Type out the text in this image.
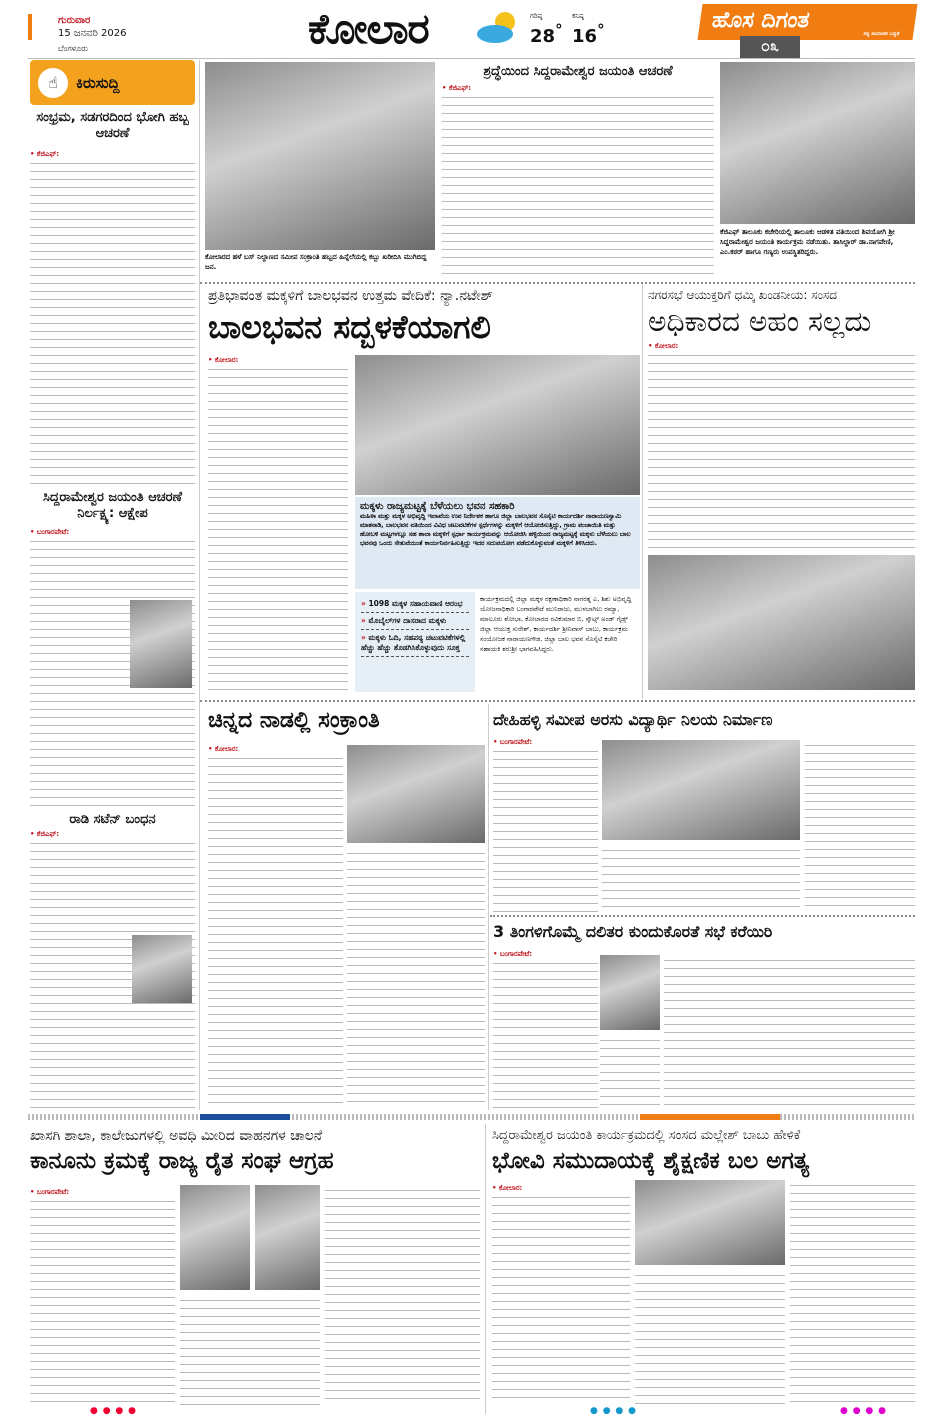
ಗುರುವಾರ
15 ಜನವರಿ 2026
ಬೆಂಗಳೂರು	ಕೋಲಾರ	ಗರಿಷ್ಠ
28°
ಕನಿಷ್ಠ
16°	ಹೊಸ ದಿಗಂತ
ಸತ್ಯ ಸಾಮಾಜಿಕ ಬದ್ಧತೆ
೦೩
☝	ಕಿರುಸುದ್ದಿ
ಸಂಭ್ರಮ, ಸಡಗರದಿಂದ ಭೋಗಿ ಹಬ್ಬ ಆಚರಣೆ
• ಕೆಜಿಎಫ್:
ಸಿದ್ದರಾಮೇಶ್ವರ ಜಯಂತಿ ಆಚರಣೆ ನಿರ್ಲಕ್ಷ್ಯ: ಆಕ್ಷೇಪ
• ಬಂಗಾರಪೇಟೆ:
ರಾಡಿ ಸಟೆನ್ ಬಂಧನ
• ಕೆಜಿಎಫ್:
ಕೋಲಾರದ ಹಳೆ ಬಸ್ ನಿಲ್ದಾಣದ ಸಮೀಪ ಸಂಕ್ರಾಂತಿ ಹಬ್ಬದ ಹಿನ್ನೆಲೆಯಲ್ಲಿ ಕಬ್ಬು ಖರೀದಿಸಿ ಮುಗಿಬಿದ್ದ ಜನ.
ಶ್ರದ್ಧೆಯಿಂದ ಸಿದ್ದರಾಮೇಶ್ವರ ಜಯಂತಿ ಆಚರಣೆ
• ಕೆಜಿಎಫ್:
ಕೆಜಿಎಫ್ ತಾಲೂಕು ಕಚೇರಿಯಲ್ಲಿ ತಾಲೂಕು ಆಡಳಿತ ವತಿಯಿಂದ ಶಿವಯೋಗಿ ಶ್ರೀ ಸಿದ್ದರಾಮೇಶ್ವರ ಜಯಂತಿ ಕಾರ್ಯಕ್ರಮ ನಡೆಯಿತು. ತಾಸಿಲ್ದಾರ್ ಡಾ.ನಾಗವೇಣಿ, ಎಂ.ಕಠರ್ ಹಾಗೂ ಗಣ್ಯರು ಉಪಸ್ಥಿತರಿದ್ದರು.
ಪ್ರತಿಭಾವಂತ ಮಕ್ಕಳಿಗೆ ಬಾಲಭವನ ಉತ್ತಮ ವೇದಿಕೆ: ನ್ಯಾ.ನಟೇಶ್
ಬಾಲಭವನ ಸದ್ಬಳಕೆಯಾಗಲಿ
• ಕೋಲಾರ:
ಮಕ್ಕಳು ರಾಜ್ಯಮಟ್ಟಕ್ಕೆ ಬೆಳೆಯಲು ಭವನ ಸಹಕಾರಿ
ಮಹಿಳಾ ಮತ್ತು ಮಕ್ಕಳ ಅಭಿವೃದ್ಧಿ ಇಲಾಖೆಯ ಉಪ ನಿರ್ದೇಶಕ ಹಾಗೂ ಜಿಲ್ಲಾ ಬಾಲಭವನ ಸೊಸೈಟಿ ಕಾರ್ಯದರ್ಶಿ ನಾರಾಯಣಸ್ವಾಮಿ ಮಾತನಾಡಿ, ಬಾಲಭವನ ವತಿಯಿಂದ ವಿವಿಧ ಚಟುವಟಿಕೆಗಳ ಸ್ಪರ್ಧೆಗಳನ್ನು ಮಕ್ಕಳಿಗೆ ಆಯೋಜಿಸುತ್ತಿದ್ದು, ಗ್ರಾಮ ಪಂಚಾಯಿತಿ ಮತ್ತು ಹೋಬಳಿ ಮಟ್ಟಗಳಲ್ಲೂ ಸಹ ಶಾಲಾ ಮಕ್ಕಳಿಗೆ ಸ್ಪರ್ಧಾ ಕಾರ್ಯಕ್ರಮವನ್ನು ಆಯೋಜಿಸಿ ಹಳ್ಳಿಯಿಂದ ರಾಜ್ಯಮಟ್ಟಕ್ಕೆ ಮಕ್ಕಳು ಬೆಳೆಯಲು ಬಾಲ ಭವನವು ಒಂದು ಸೇತುವೆಯಂತೆ ಕಾರ್ಯನಿರ್ವಹಿಸುತ್ತಿದ್ದು ಇದರ ಸದುಪಯೋಗ ಪಡೆದುಕೊಳ್ಳುವಂತೆ ಮಕ್ಕಳಿಗೆ ತಿಳಿಸಿದರು.
» 1098 ಮಕ್ಕಳ ಸಹಾಯವಾಣಿ ಆರಂಭ
» ಮೊಬೈಲ್‌ಗಳ ದಾಸರಾದ ಮಕ್ಕಳು
» ಮಕ್ಕಳು ಓದಿ, ಸಹಪಠ್ಯ ಚಟುವಟಿಕೆಗಳಲ್ಲಿ ಹೆಚ್ಚು ಹೆಚ್ಚು ತೊಡಗಿಸಿಕೊಳ್ಳುವುದು ಸೂಕ್ತ
ಕಾರ್ಯಕ್ರಮದಲ್ಲಿ ಜಿಲ್ಲಾ ಮಕ್ಕಳ ರಕ್ಷಣಾಧಿಕಾರಿ ನಾಗರತ್ನ ಎ, ಶಿಶು ಅಭಿವೃದ್ಧಿ ಯೋಜನಾಧಿಕಾರಿ ಬಂಗಾರಪೇಟೆ ಮುನಿರಾಜು, ಮುಳಬಾಗಿಲು ರಮ್ಯಾ, ಮಾಲೂರು ಶೋಭಾ, ಕೋಲಾರದ ರವಿಕುಮಾರ ಬಿ, ಸ್ಕೌಟ್ಸ್ ಅಂಡ್ ಗೈಡ್ಸ್ ಜಿಲ್ಲಾ ಆಯುಕ್ತ ಸುರೇಶ್, ಕಾರ್ಯದರ್ಶಿ ಶ್ರೀನಿವಾಸ್ ಬಾಬು, ಕಾರ್ಯಕ್ರಮ ಸಂಯೋಜಕ ನಾರಾಯಣಗೌಡ, ಜಿಲ್ಲಾ ಬಾಲ ಭವನ ಸೊಸೈಟಿ ಕಚೇರಿ ಸಹಾಯಕಿ ಶರುಶ್ರೀ ಭಾಗವಹಿಸಿದ್ದರು.
ನಗರಸಭೆ ಆಯುಕ್ತರಿಗೆ ಧಮ್ಕಿ ಖಂಡನೀಯ: ಸಂಸದ
ಅಧಿಕಾರದ ಅಹಂ ಸಲ್ಲದು
• ಕೋಲಾರ:
ಚಿನ್ನದ ನಾಡಲ್ಲಿ ಸಂಕ್ರಾಂತಿ
• ಕೋಲಾರ:
ದೇಹಿಹಳ್ಳಿ ಸಮೀಪ ಅರಸು ವಿದ್ಯಾರ್ಥಿ ನಿಲಯ ನಿರ್ಮಾಣ
• ಬಂಗಾರಪೇಟೆ:
3 ತಿಂಗಳಿಗೊಮ್ಮೆ ದಲಿತರ ಕುಂದುಕೊರತೆ ಸಭೆ ಕರೆಯಿರಿ
• ಬಂಗಾರಪೇಟೆ:
ಖಾಸಗಿ ಶಾಲಾ, ಕಾಲೇಜುಗಳಲ್ಲಿ ಅವಧಿ ಮೀರಿದ ವಾಹನಗಳ ಚಾಲನೆ
ಕಾನೂನು ಕ್ರಮಕ್ಕೆ ರಾಜ್ಯ ರೈತ ಸಂಘ ಆಗ್ರಹ
• ಬಂಗಾರಪೇಟೆ:
ಸಿದ್ದರಾಮೇಶ್ವರ ಜಯಂತಿ ಕಾರ್ಯಕ್ರಮದಲ್ಲಿ ಸಂಸದ ಮಲ್ಲೇಶ್ ಬಾಬು ಹೇಳಿಕೆ
ಭೋವಿ ಸಮುದಾಯಕ್ಕೆ ಶೈಕ್ಷಣಿಕ ಬಲ ಅಗತ್ಯ
• ಕೋಲಾರ:
● ● ● ●	● ● ● ●	● ● ● ●
